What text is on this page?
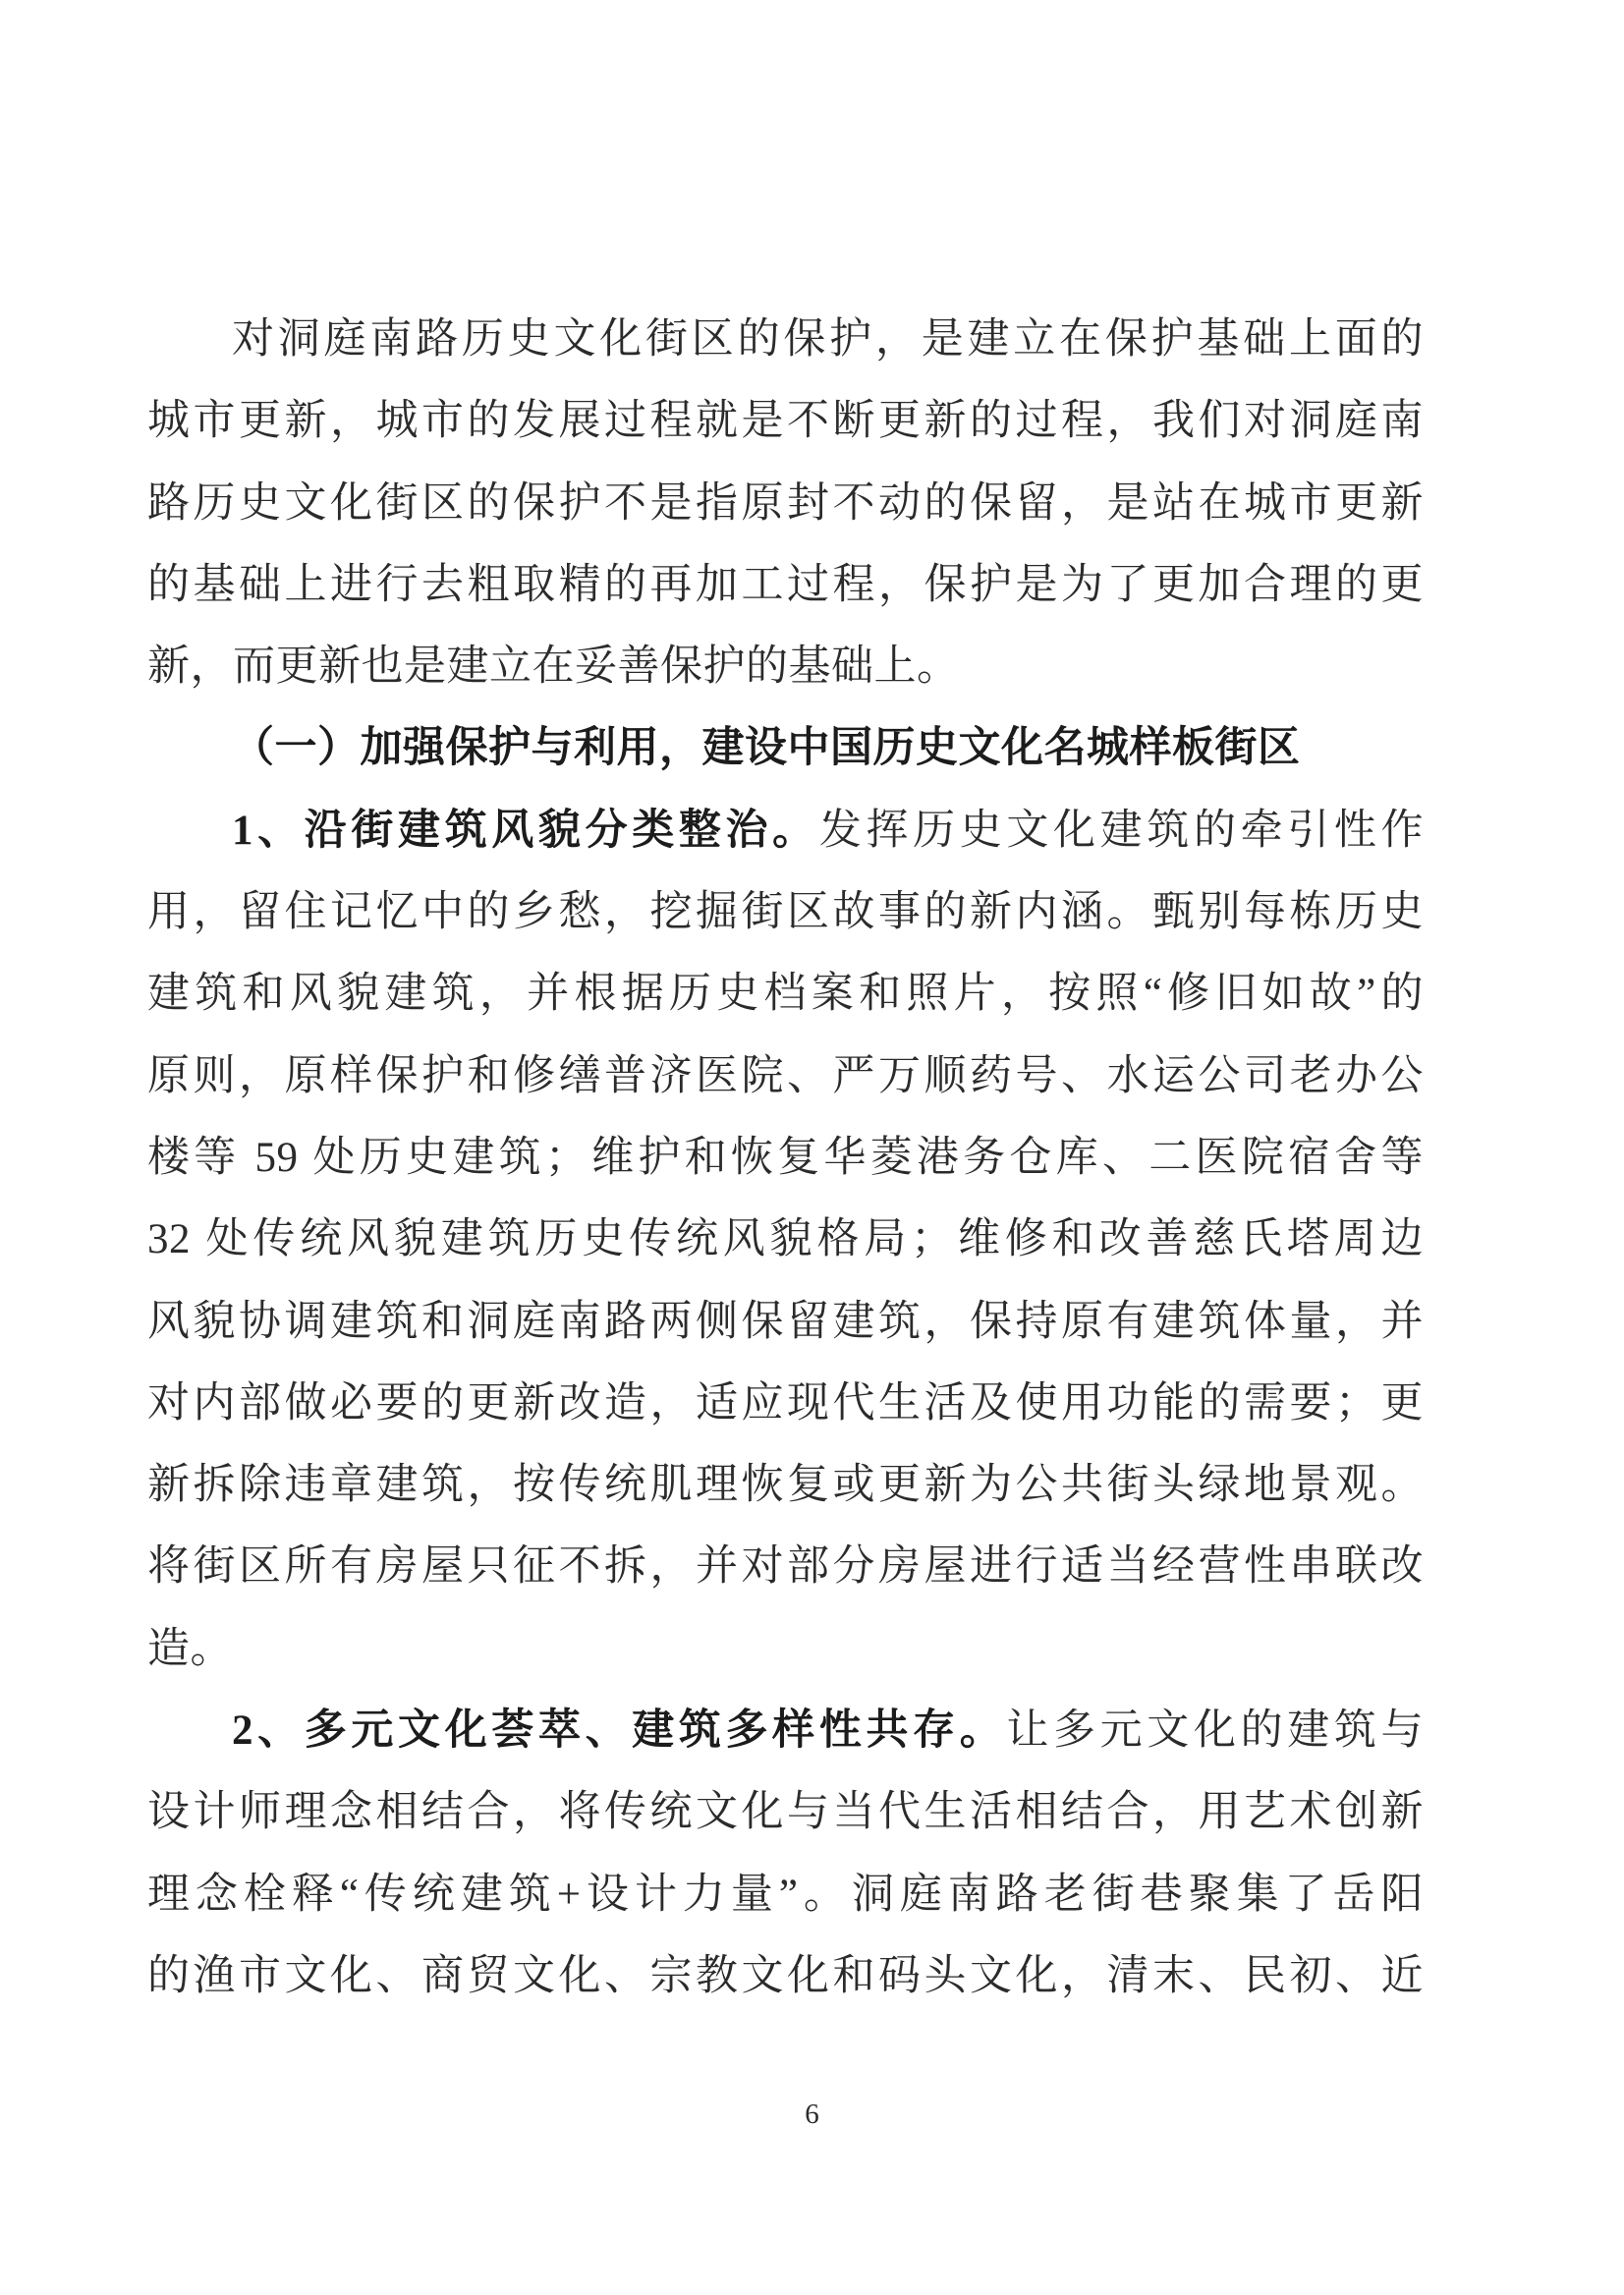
对洞庭南路历史文化街区的保护，是建立在保护基础上面的
城市更新，城市的发展过程就是不断更新的过程，我们对洞庭南
路历史文化街区的保护不是指原封不动的保留，是站在城市更新
的基础上进行去粗取精的再加工过程，保护是为了更加合理的更
新，而更新也是建立在妥善保护的基础上。
（一）加强保护与利用，建设中国历史文化名城样板街区
1、沿街建筑风貌分类整治。发挥历史文化建筑的牵引性作
用，留住记忆中的乡愁，挖掘街区故事的新内涵。甄别每栋历史
建筑和风貌建筑，并根据历史档案和照片，按照“修旧如故”的
原则，原样保护和修缮普济医院、严万顺药号、水运公司老办公
楼等 59 处历史建筑；维护和恢复华菱港务仓库、二医院宿舍等
32 处传统风貌建筑历史传统风貌格局；维修和改善慈氏塔周边
风貌协调建筑和洞庭南路两侧保留建筑，保持原有建筑体量，并
对内部做必要的更新改造，适应现代生活及使用功能的需要；更
新拆除违章建筑，按传统肌理恢复或更新为公共街头绿地景观。
将街区所有房屋只征不拆，并对部分房屋进行适当经营性串联改
造。
2、多元文化荟萃、建筑多样性共存。让多元文化的建筑与
设计师理念相结合，将传统文化与当代生活相结合，用艺术创新
理念栓释“传统建筑+设计力量”。洞庭南路老街巷聚集了岳阳
的渔市文化、商贸文化、宗教文化和码头文化，清末、民初、近
6
